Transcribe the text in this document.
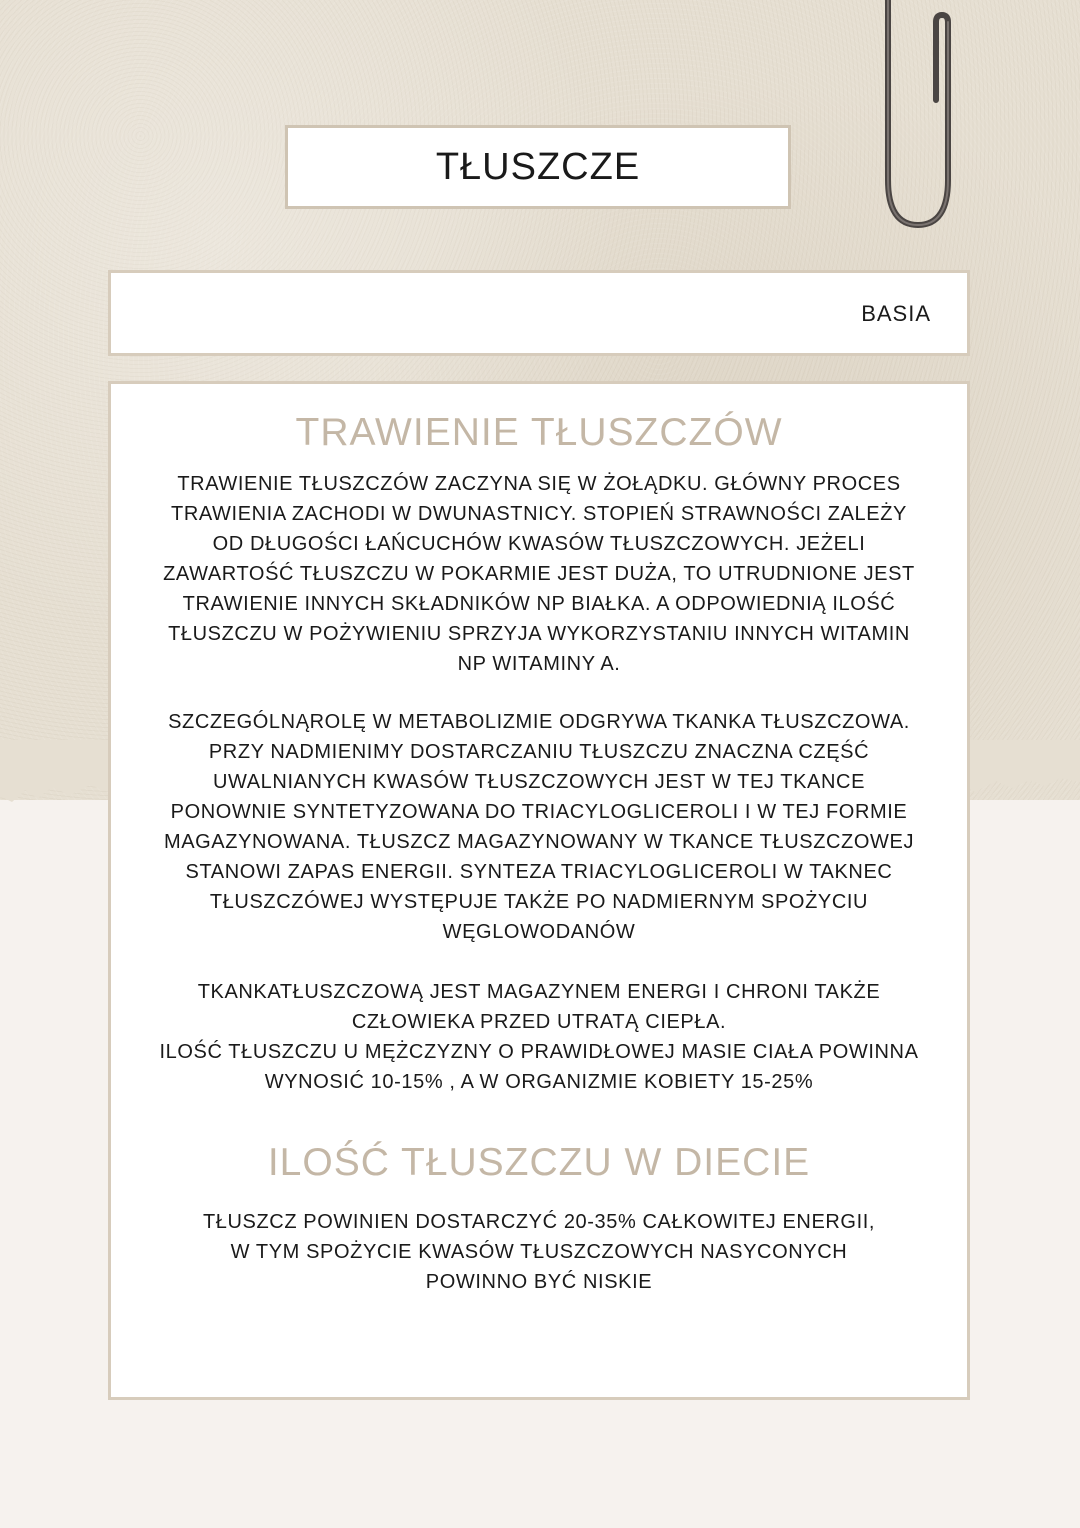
TŁUSZCZE
BASIA
TRAWIENIE TŁUSZCZÓW

TRAWIENIE TŁUSZCZÓW ZACZYNA SIĘ W ŻOŁĄDKU. GŁÓWNY PROCES
TRAWIENIA ZACHODI W DWUNASTNICY. STOPIEŃ STRAWNOŚCI ZALEŻY
OD DŁUGOŚCI ŁAŃCUCHÓW KWASÓW TŁUSZCZOWYCH. JEŻELI
ZAWARTOŚĆ TŁUSZCZU W POKARMIE JEST DUŻA, TO UTRUDNIONE JEST
TRAWIENIE INNYCH SKŁADNIKÓW NP BIAŁKA. A ODPOWIEDNIĄ ILOŚĆ
TŁUSZCZU W POŻYWIENIU SPRZYJA WYKORZYSTANIU INNYCH WITAMIN
NP WITAMINY A.

SZCZEGÓLNĄROLĘ W METABOLIZMIE ODGRYWA TKANKA TŁUSZCZOWA.
PRZY NADMIENIMY DOSTARCZANIU TŁUSZCZU ZNACZNA CZĘŚĆ
UWALNIANYCH KWASÓW TŁUSZCZOWYCH JEST W TEJ TKANCE
PONOWNIE SYNTETYZOWANA DO TRIACYLOGLICEROLI I W TEJ FORMIE
MAGAZYNOWANA. TŁUSZCZ MAGAZYNOWANY W TKANCE TŁUSZCZOWEJ
STANOWI ZAPAS ENERGII. SYNTEZA TRIACYLOGLICEROLI W TAKNEC
TŁUSZCZÓWEJ WYSTĘPUJE TAKŻE PO NADMIERNYM SPOŻYCIU
WĘGLOWODANÓW

TKANKATŁUSZCZOWĄ JEST MAGAZYNEM ENERGI I CHRONI TAKŻE
CZŁOWIEKA PRZED UTRATĄ CIEPŁA.
ILOŚĆ TŁUSZCZU U MĘŻCZYZNY O PRAWIDŁOWEJ MASIE CIAŁA POWINNA
WYNOSIĆ 10-15% , A W ORGANIZMIE KOBIETY 15-25%

ILOŚĆ TŁUSZCZU W DIECIE

TŁUSZCZ POWINIEN DOSTARCZYĆ 20-35% CAŁKOWITEJ ENERGII,
W TYM SPOŻYCIE KWASÓW TŁUSZCZOWYCH NASYCONYCH
POWINNO BYĆ NISKIE
